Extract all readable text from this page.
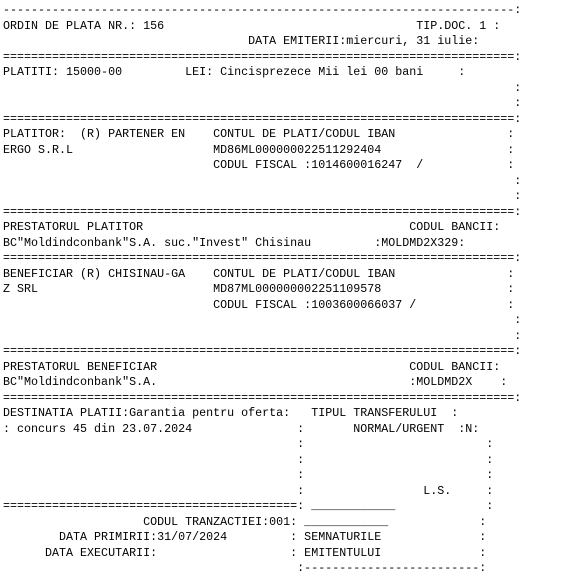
-------------------------------------------------------------------------:
ORDIN DE PLATA NR.: 156                                    TIP.DOC. 1 :
DATA EMITERII:miercuri, 31 iulie:
=========================================================================:
PLATITI: 15000-00         LEI: Cincisprezece Mii lei 00 bani     :
:
:
=========================================================================:
PLATITOR:  (R) PARTENER EN    CONTUL DE PLATI/CODUL IBAN                :
ERGO S.R.L                    MD86ML000000022511292404                  :
CODUL FISCAL :1014600016247  /            :
:
:
=========================================================================:
PRESTATORUL PLATITOR                                      CODUL BANCII:
BC"Moldindconbank"S.A. suc."Invest" Chisinau         :MOLDMD2X329:
=========================================================================:
BENEFICIAR (R) CHISINAU-GA    CONTUL DE PLATI/CODUL IBAN                :
Z SRL                         MD87ML000000002251109578                  :
CODUL FISCAL :1003600066037 /             :
:
:
=========================================================================:
PRESTATORUL BENEFICIAR                                    CODUL BANCII:
BC"Moldindconbank"S.A.                                    :MOLDMD2X    :
=========================================================================:
DESTINATIA PLATII:Garantia pentru oferta:   TIPUL TRANSFERULUI  :
: concurs 45 din 23.07.2024               :       NORMAL/URGENT  :N:
:                          :
:                          :
:                          :
:                 L.S.     :
==========================================: ____________             :
CODUL TRANZACTIEI:001: ____________             :
DATA PRIMIRII:31/07/2024         : SEMNATURILE              :
DATA EXECUTARII:                   : EMITENTULUI              :
:-------------------------:
